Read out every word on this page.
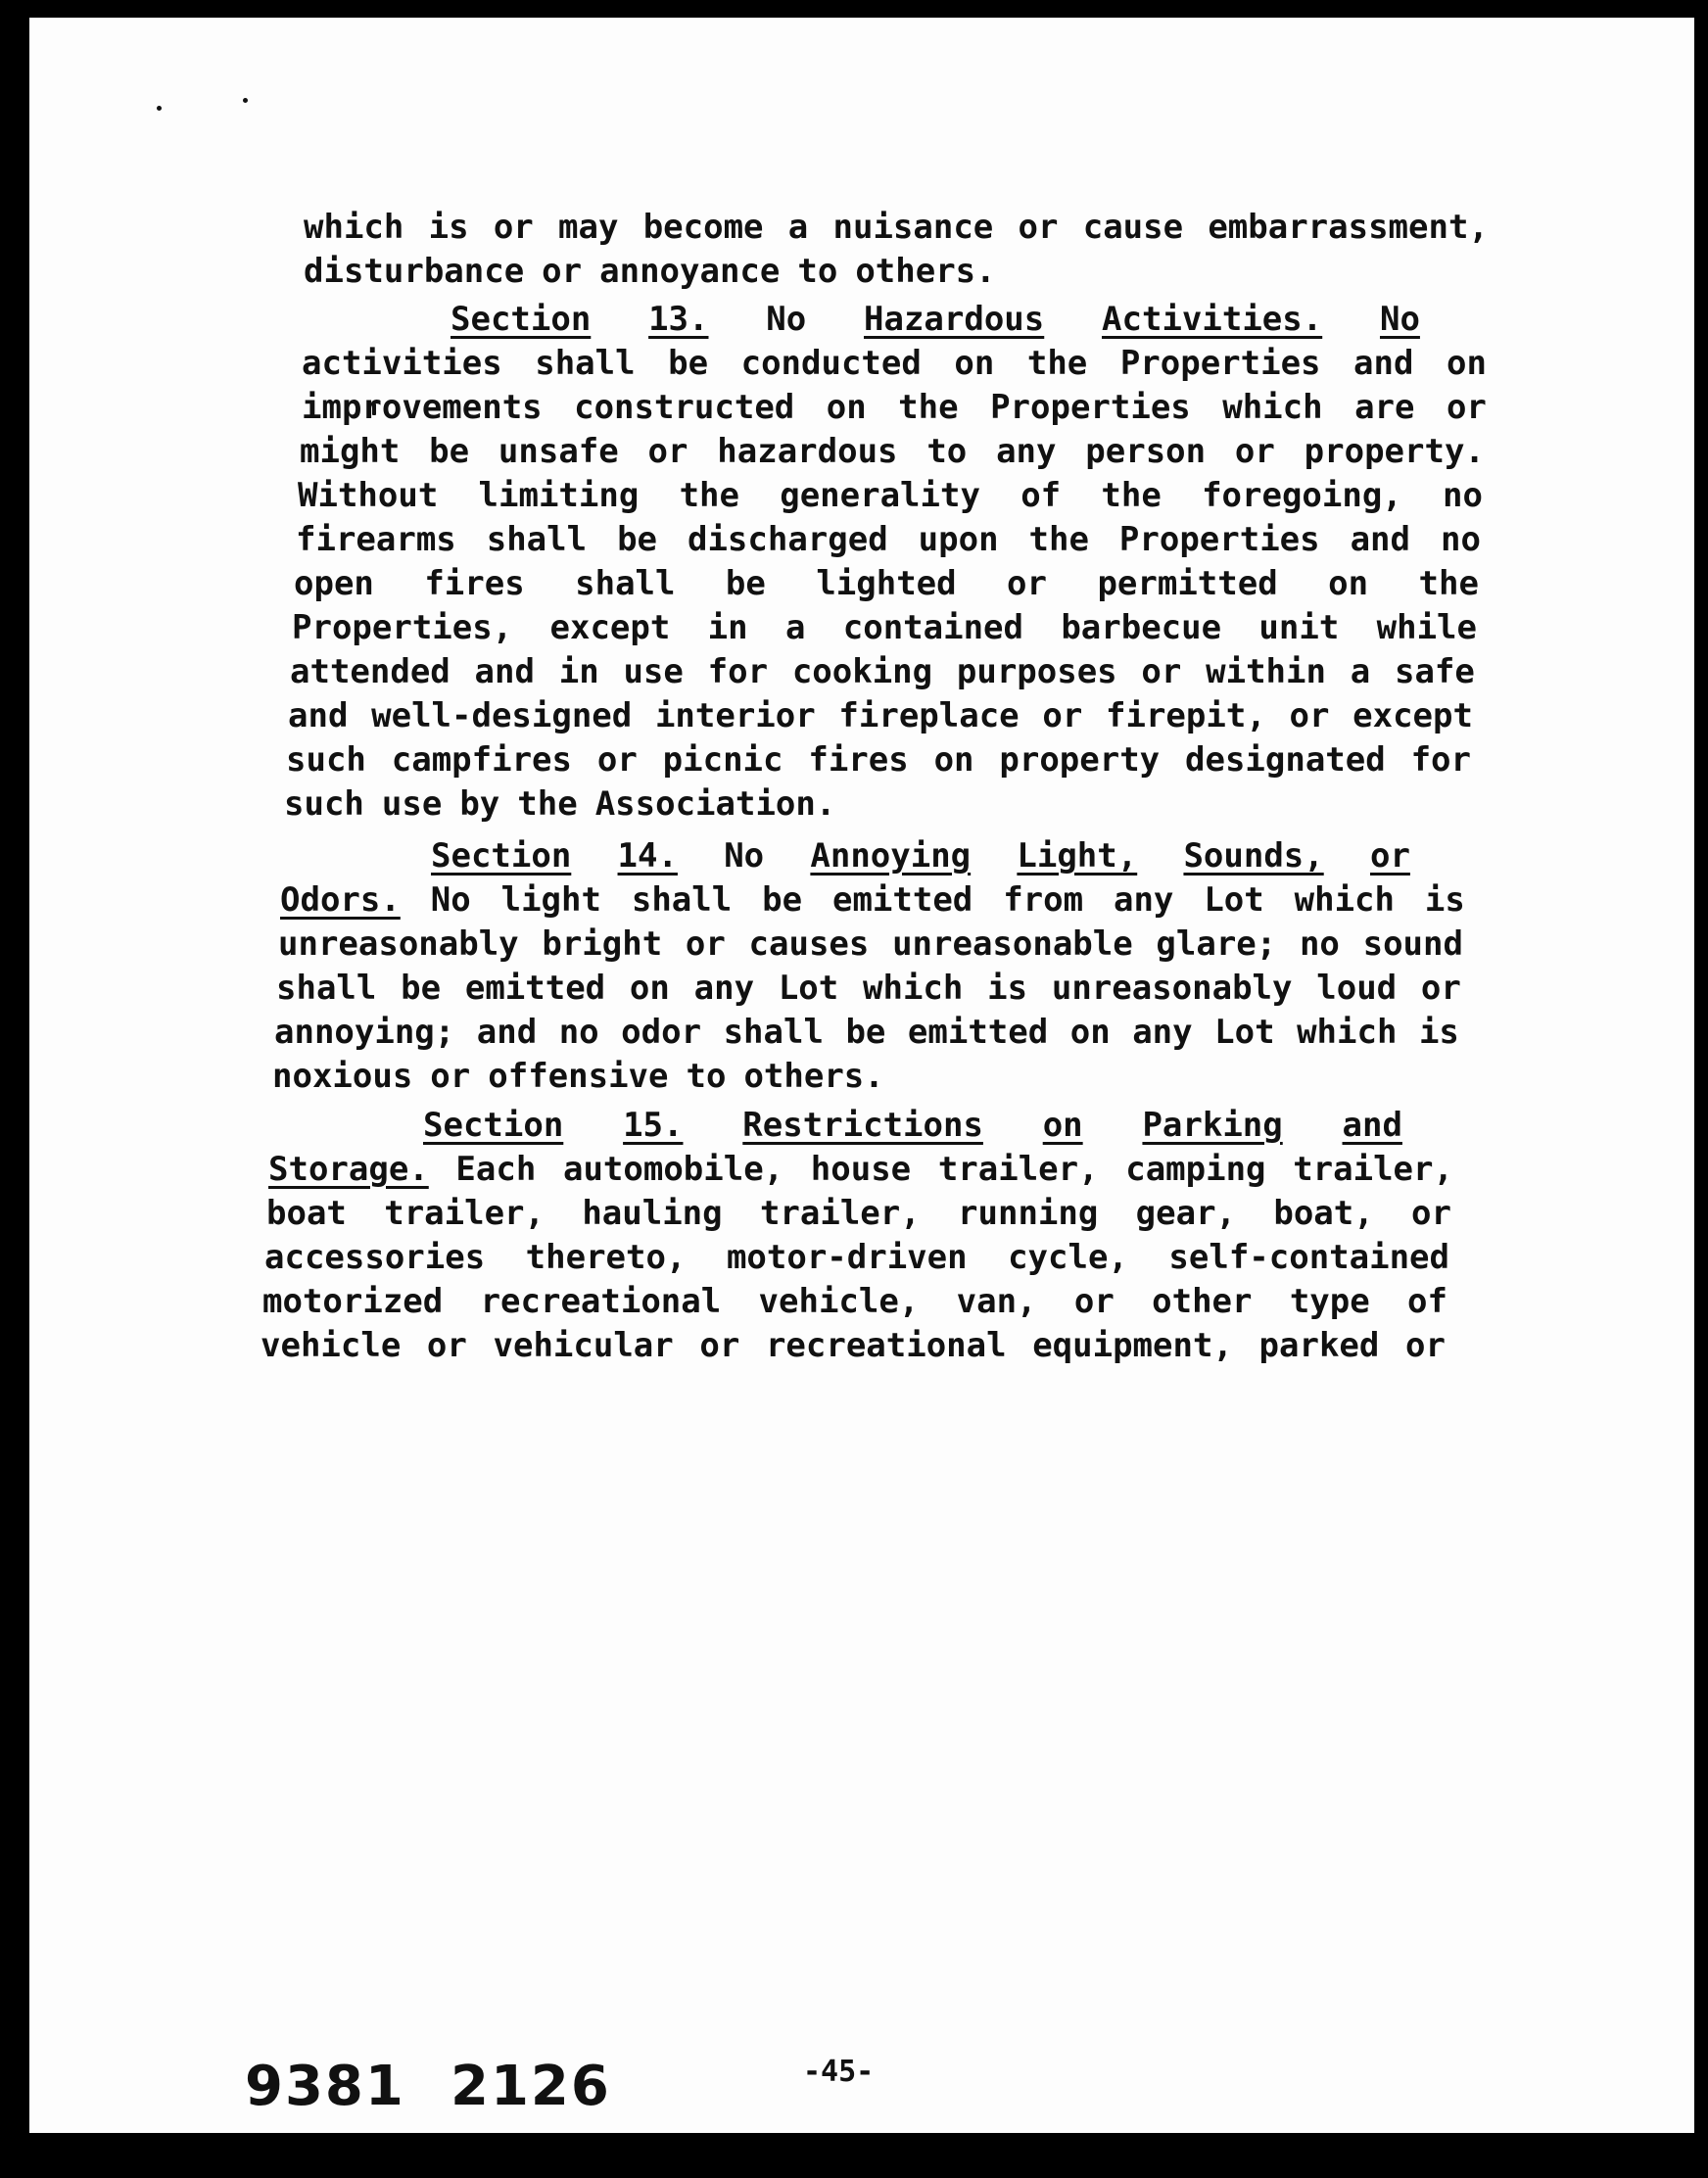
which is or may become a nuisance or cause embarrassment,
disturbance or annoyance to others.
Section 13. No Hazardous Activities. No
activities shall be conducted on the Properties and on
improvements constructed on the Properties which are or
might be unsafe or hazardous to any person or property.
Without limiting the generality of the foregoing, no
firearms shall be discharged upon the Properties and no
open fires shall be lighted or permitted on the
Properties, except in a contained barbecue unit while
attended and in use for cooking purposes or within a safe
and well-designed interior fireplace or firepit, or except
such campfires or picnic fires on property designated for
such use by the Association.
Section 14. No Annoying Light, Sounds, or
Odors. No light shall be emitted from any Lot which is
unreasonably bright or causes unreasonable glare; no sound
shall be emitted on any Lot which is unreasonably loud or
annoying; and no odor shall be emitted on any Lot which is
noxious or offensive to others.
Section 15. Restrictions on Parking and
Storage. Each automobile, house trailer, camping trailer,
boat trailer, hauling trailer, running gear, boat, or
accessories thereto, motor-driven cycle, self-contained
motorized recreational vehicle, van, or other type of
vehicle or vehicular or recreational equipment, parked or
9381 2126	-45-
